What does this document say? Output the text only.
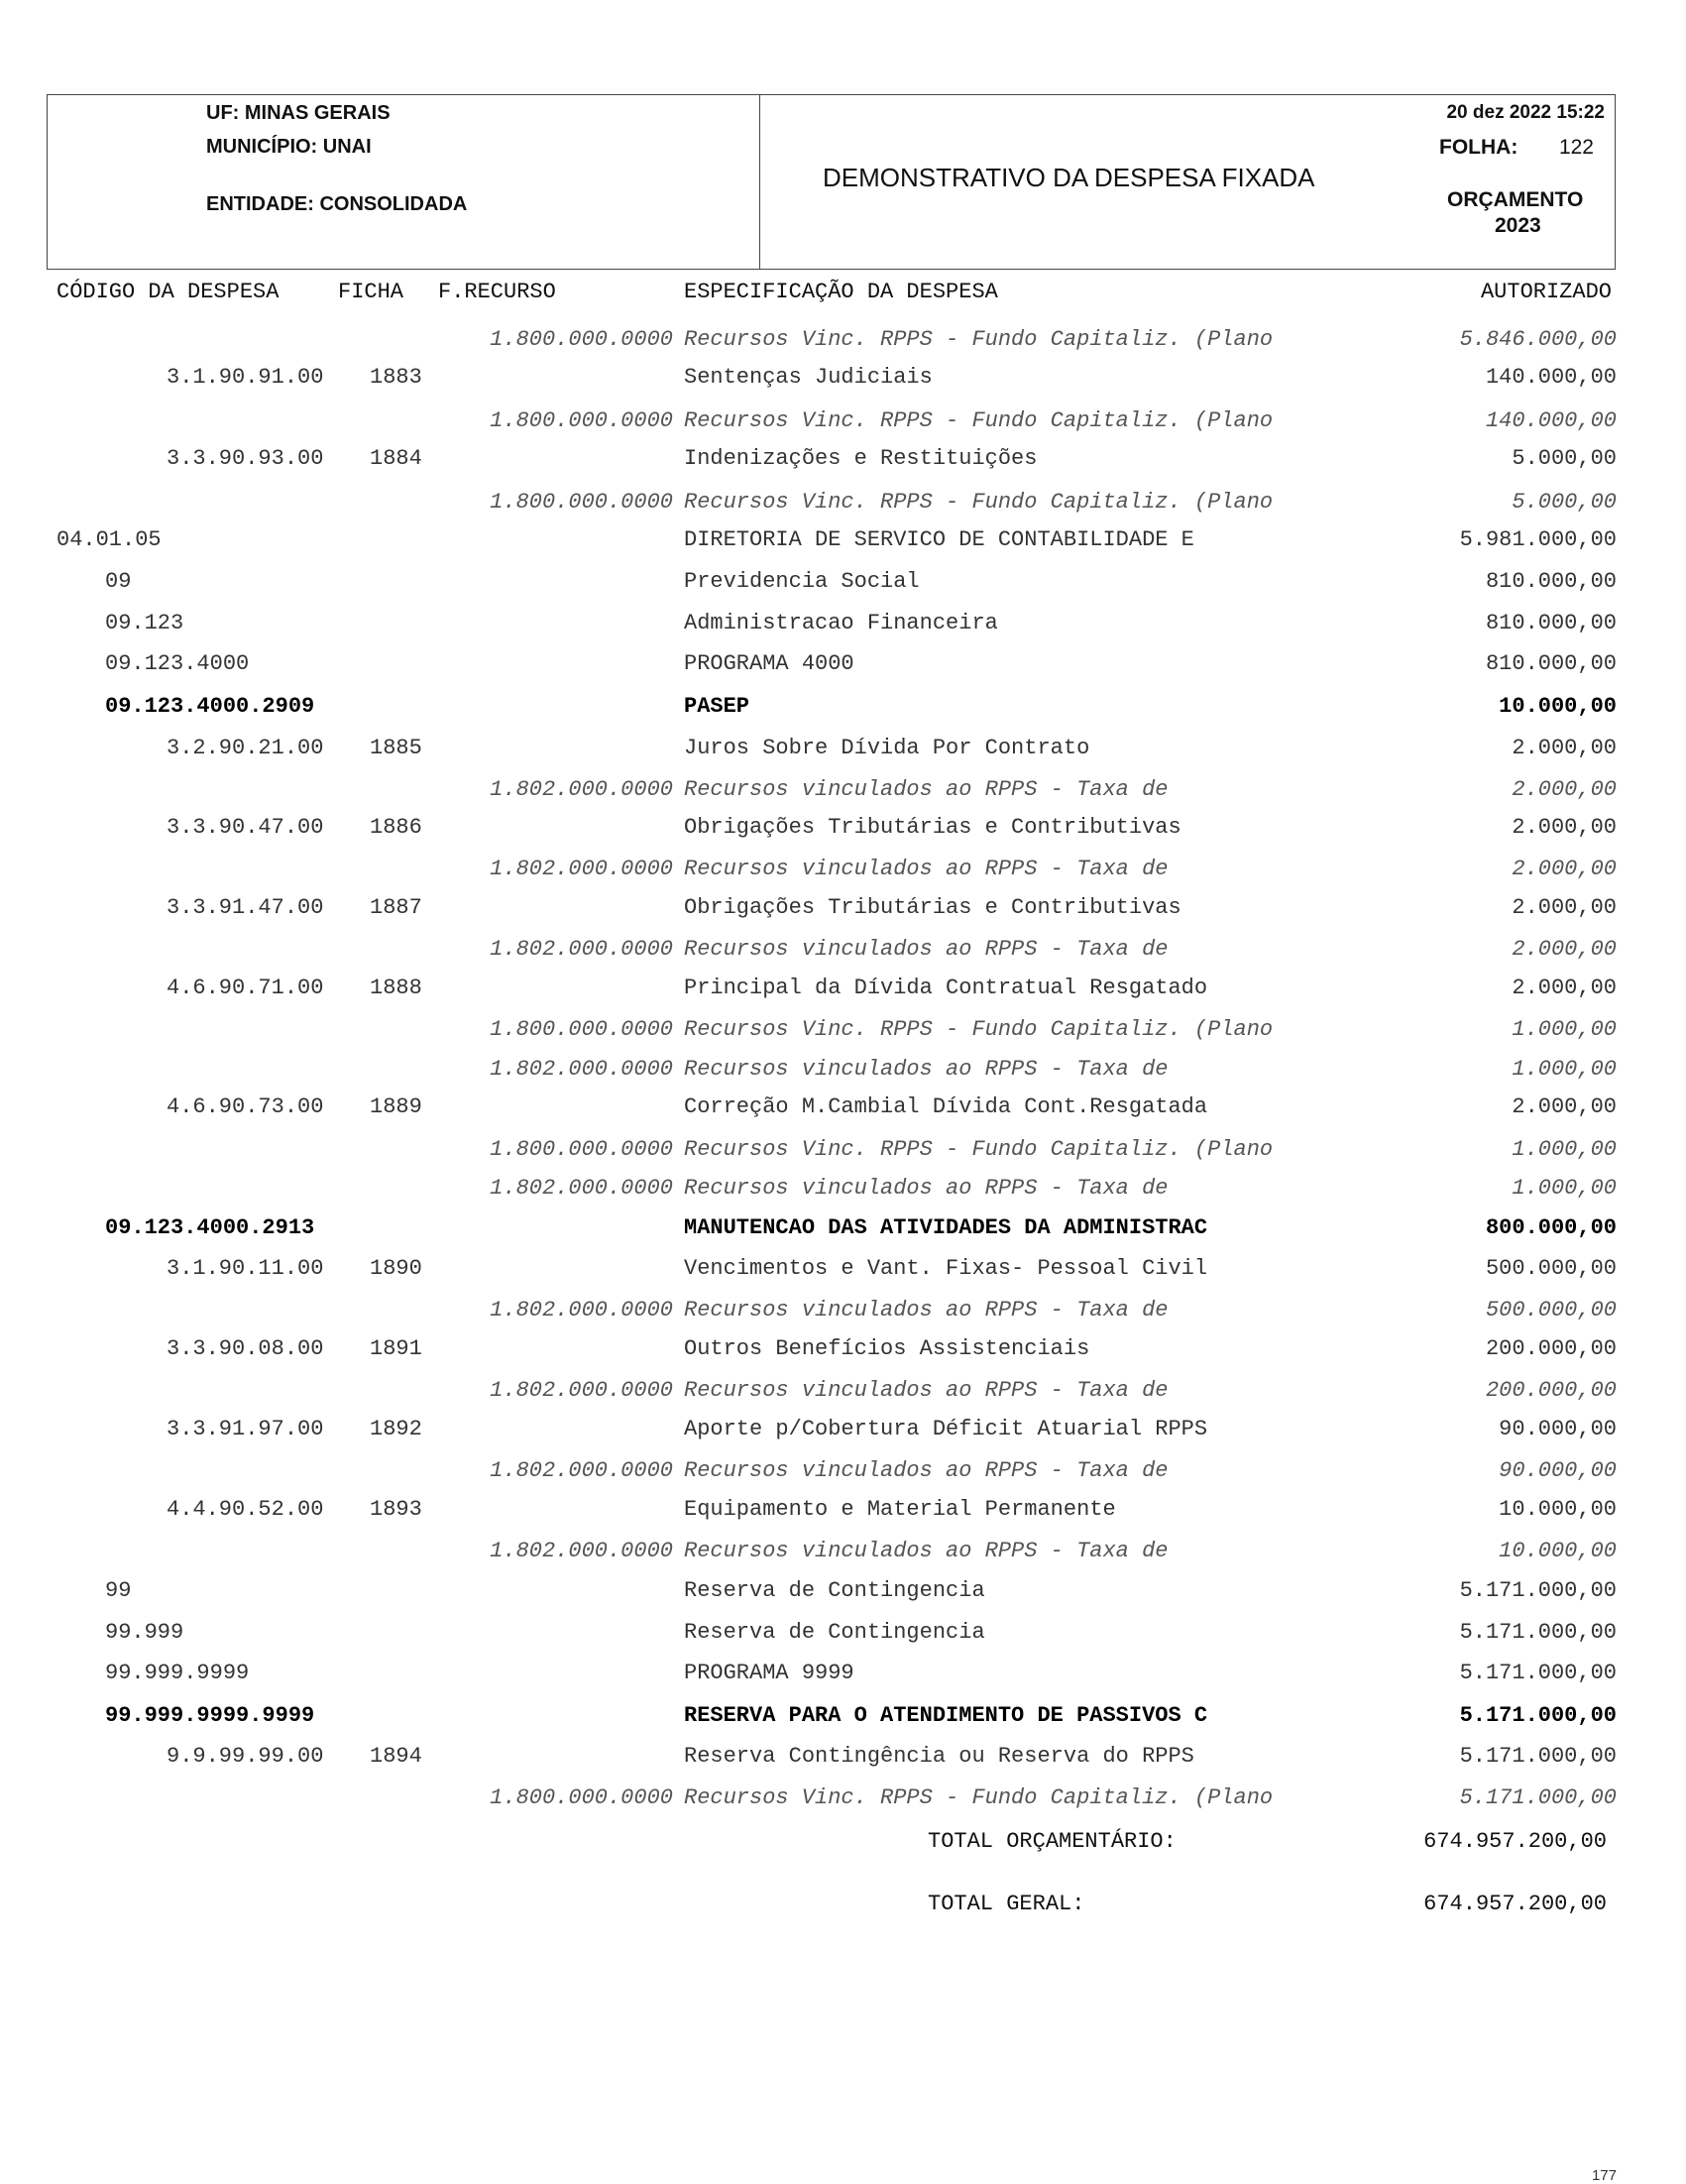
UF: MINAS GERAIS
MUNICÍPIO: UNAI
ENTIDADE: CONSOLIDADA
DEMONSTRATIVO DA DESPESA FIXADA
20 dez 2022 15:22
FOLHA: 122
ORÇAMENTO
2023
CÓDIGO DA DESPESA	FICHA F.RECURSO	ESPECIFICAÇÃO DA DESPESA	AUTORIZADO
1.800.000.0000 Recursos Vinc. RPPS - Fundo Capitaliz. (Plano	5.846.000,00
3.1.90.91.00 1883	Sentenças Judiciais	140.000,00
1.800.000.0000 Recursos Vinc. RPPS - Fundo Capitaliz. (Plano	140.000,00
3.3.90.93.00 1884	Indenizações e Restituições	5.000,00
1.800.000.0000 Recursos Vinc. RPPS - Fundo Capitaliz. (Plano	5.000,00
04.01.05	DIRETORIA DE SERVICO DE CONTABILIDADE E	5.981.000,00
09	Previdencia Social	810.000,00
09.123	Administracao Financeira	810.000,00
09.123.4000	PROGRAMA 4000	810.000,00
09.123.4000.2909	PASEP	10.000,00
3.2.90.21.00 1885	Juros Sobre Dívida Por Contrato	2.000,00
1.802.000.0000 Recursos vinculados ao RPPS - Taxa de	2.000,00
3.3.90.47.00 1886	Obrigações Tributárias e Contributivas	2.000,00
1.802.000.0000 Recursos vinculados ao RPPS - Taxa de	2.000,00
3.3.91.47.00 1887	Obrigações Tributárias e Contributivas	2.000,00
1.802.000.0000 Recursos vinculados ao RPPS - Taxa de	2.000,00
4.6.90.71.00 1888	Principal da Dívida Contratual Resgatado	2.000,00
1.800.000.0000 Recursos Vinc. RPPS - Fundo Capitaliz. (Plano	1.000,00
1.802.000.0000 Recursos vinculados ao RPPS - Taxa de	1.000,00
4.6.90.73.00 1889	Correção M.Cambial Dívida Cont.Resgatada	2.000,00
1.800.000.0000 Recursos Vinc. RPPS - Fundo Capitaliz. (Plano	1.000,00
1.802.000.0000 Recursos vinculados ao RPPS - Taxa de	1.000,00
09.123.4000.2913	MANUTENCAO DAS ATIVIDADES DA ADMINISTRAC	800.000,00
3.1.90.11.00 1890	Vencimentos e Vant. Fixas- Pessoal Civil	500.000,00
1.802.000.0000 Recursos vinculados ao RPPS - Taxa de	500.000,00
3.3.90.08.00 1891	Outros Benefícios Assistenciais	200.000,00
1.802.000.0000 Recursos vinculados ao RPPS - Taxa de	200.000,00
3.3.91.97.00 1892	Aporte p/Cobertura Déficit Atuarial RPPS	90.000,00
1.802.000.0000 Recursos vinculados ao RPPS - Taxa de	90.000,00
4.4.90.52.00 1893	Equipamento e Material Permanente	10.000,00
1.802.000.0000 Recursos vinculados ao RPPS - Taxa de	10.000,00
99	Reserva de Contingencia	5.171.000,00
99.999	Reserva de Contingencia	5.171.000,00
99.999.9999	PROGRAMA 9999	5.171.000,00
99.999.9999.9999	RESERVA PARA O ATENDIMENTO DE PASSIVOS C	5.171.000,00
9.9.99.99.00 1894	Reserva Contingência ou Reserva do RPPS	5.171.000,00
1.800.000.0000 Recursos Vinc. RPPS - Fundo Capitaliz. (Plano	5.171.000,00
TOTAL ORÇAMENTÁRIO:	674.957.200,00
TOTAL GERAL:	674.957.200,00
177
